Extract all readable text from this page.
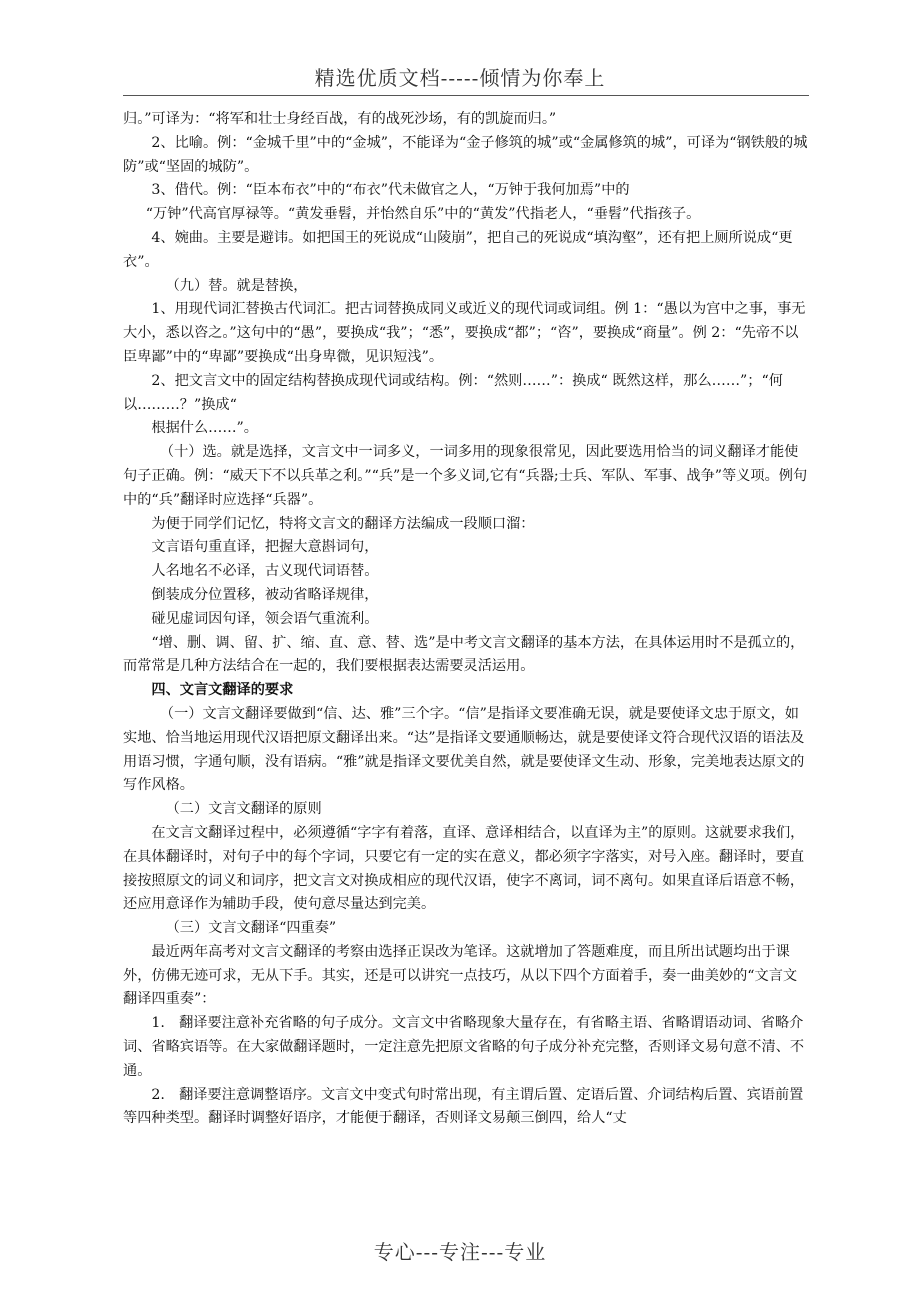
精选优质文档-----倾情为你奉上

归。”可译为：“将军和壮士身经百战，有的战死沙场，有的凯旋而归。”

2、比喻。例：“金城千里”中的“金城”，不能译为“金子修筑的城”或“金属修筑的城”，可译为“钢铁般的城防”或“坚固的城防”。

3、借代。例：“臣本布衣”中的“布衣”代未做官之人，“万钟于我何加焉”中的

“万钟”代高官厚禄等。“黄发垂髫，并怡然自乐”中的“黄发”代指老人，“垂髫”代指孩子。

4、婉曲。主要是避讳。如把国王的死说成“山陵崩”，把自己的死说成“填沟壑”，还有把上厕所说成“更衣”。

（九）替。就是替换，

1、用现代词汇替换古代词汇。把古词替换成同义或近义的现代词或词组。例 1：“愚以为宫中之事，事无大小，悉以咨之。”这句中的“愚”，要换成“我”；“悉”，要换成“都”；“咨”，要换成“商量”。例 2：“先帝不以臣卑鄙”中的“卑鄙”要换成“出身卑微，见识短浅”。

2、把文言文中的固定结构替换成现代词或结构。例：“然则……”：换成“ 既然这样，那么……”；“何以………？”换成“

根据什么……”。

（十）选。就是选择，文言文中一词多义，一词多用的现象很常见，因此要选用恰当的词义翻译才能使句子正确。例：“威天下不以兵革之利。”“兵”是一个多义词,它有“兵器;士兵、军队、军事、战争”等义项。例句中的“兵”翻译时应选择“兵器”。

为便于同学们记忆，特将文言文的翻译方法编成一段顺口溜：

文言语句重直译，把握大意斟词句，

人名地名不必译，古义现代词语替。

倒装成分位置移，被动省略译规律，

碰见虚词因句译，领会语气重流利。

“增、删、调、留、扩、缩、直、意、替、选”是中考文言文翻译的基本方法，在具体运用时不是孤立的，而常常是几种方法结合在一起的，我们要根据表达需要灵活运用。

四、文言文翻译的要求

（一）文言文翻译要做到“信、达、雅”三个字。“信”是指译文要准确无误，就是要使译文忠于原文，如实地、恰当地运用现代汉语把原文翻译出来。“达”是指译文要通顺畅达，就是要使译文符合现代汉语的语法及用语习惯，字通句顺，没有语病。“雅”就是指译文要优美自然，就是要使译文生动、形象，完美地表达原文的写作风格。

（二）文言文翻译的原则

在文言文翻译过程中，必须遵循“字字有着落，直译、意译相结合，以直译为主”的原则。这就要求我们，在具体翻译时，对句子中的每个字词，只要它有一定的实在意义，都必须字字落实，对号入座。翻译时，要直接按照原文的词义和词序，把文言文对换成相应的现代汉语，使字不离词，词不离句。如果直译后语意不畅，还应用意译作为辅助手段，使句意尽量达到完美。

（三）文言文翻译“四重奏”

最近两年高考对文言文翻译的考察由选择正误改为笔译。这就增加了答题难度，而且所出试题均出于课外，仿佛无迹可求，无从下手。其实，还是可以讲究一点技巧，从以下四个方面着手，奏一曲美妙的“文言文翻译四重奏”：

1.　翻译要注意补充省略的句子成分。文言文中省略现象大量存在，有省略主语、省略谓语动词、省略介词、省略宾语等。在大家做翻译题时，一定注意先把原文省略的句子成分补充完整，否则译文易句意不清、不通。

2.　翻译要注意调整语序。文言文中变式句时常出现，有主谓后置、定语后置、介词结构后置、宾语前置等四种类型。翻译时调整好语序，才能便于翻译，否则译文易颠三倒四，给人“丈

专心---专注---专业
